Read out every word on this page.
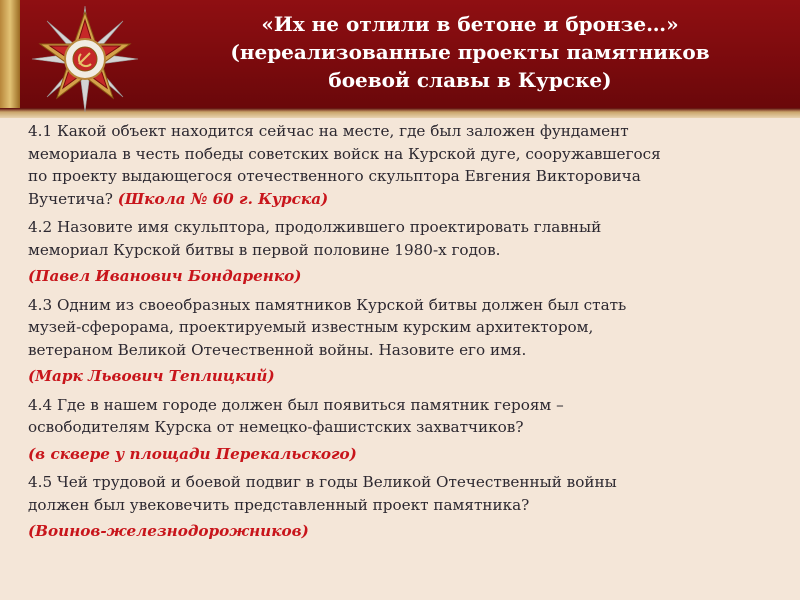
«Их не отлили в бетоне и бронзе…»
(нереализованные проекты памятников
боевой славы в Курске)
4.1 Какой объект находится сейчас на месте, где был заложен фундамент
мемориала в честь победы советских войск на Курской дуге, сооружавшегося
по проекту выдающегося отечественного скульптора Евгения Викторовича
Вучетича? (Школа № 60 г. Курска)
4.2 Назовите имя скульптора, продолжившего проектировать главный
мемориал Курской битвы в первой половине 1980-х годов.
(Павел Иванович Бондаренко)
4.3 Одним из своеобразных памятников Курской битвы должен был стать
музей-сферорама, проектируемый известным курским архитектором,
ветераном Великой Отечественной войны. Назовите его имя.
(Марк Львович Теплицкий)
4.4 Где в нашем городе должен был появиться памятник героям –
освободителям Курска от немецко-фашистских захватчиков?
(в сквере у площади Перекальского)
4.5 Чей трудовой и боевой подвиг в годы Великой Отечественный войны
должен был увековечить представленный проект памятника?
(Воинов-железнодорожников)
